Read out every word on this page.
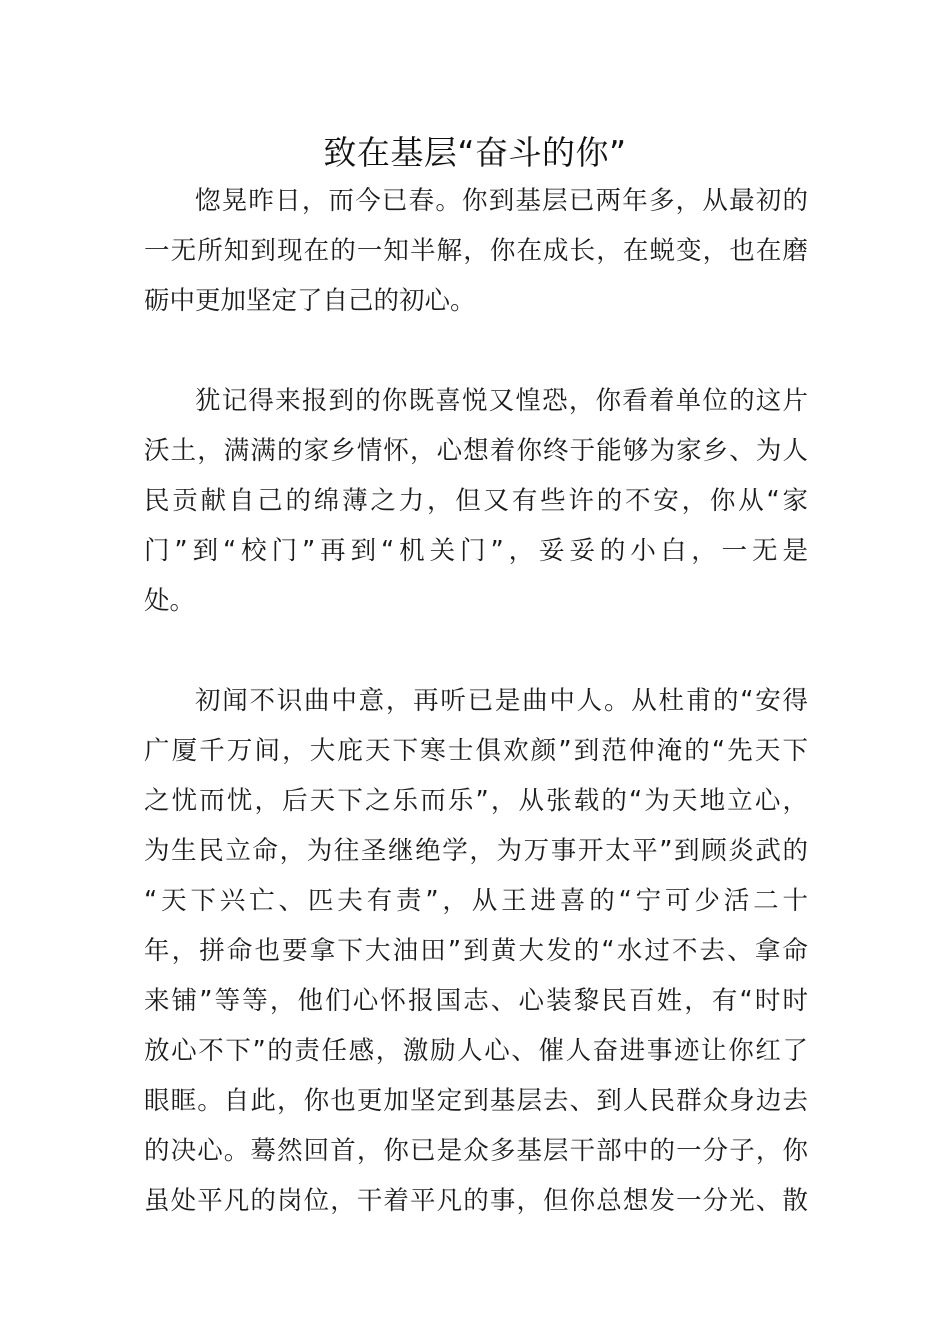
致在基层“奋斗的你”
惚晃昨日，而今已春。你到基层已两年多，从最初的
一无所知到现在的一知半解，你在成长，在蜕变，也在磨
砺中更加坚定了自己的初心。
犹记得来报到的你既喜悦又惶恐，你看着单位的这片
沃土，满满的家乡情怀，心想着你终于能够为家乡、为人
民贡献自己的绵薄之力，但又有些许的不安，你从“家
门”到“校门”再到“机关门”，妥妥的小白，一无是
处。
初闻不识曲中意，再听已是曲中人。从杜甫的“安得
广厦千万间，大庇天下寒士俱欢颜”到范仲淹的“先天下
之忧而忧，后天下之乐而乐”，从张载的“为天地立心，
为生民立命，为往圣继绝学，为万事开太平”到顾炎武的
“天下兴亡、匹夫有责”，从王进喜的“宁可少活二十
年，拼命也要拿下大油田”到黄大发的“水过不去、拿命
来铺”等等，他们心怀报国志、心装黎民百姓，有“时时
放心不下”的责任感，激励人心、催人奋进事迹让你红了
眼眶。自此，你也更加坚定到基层去、到人民群众身边去
的决心。蓦然回首，你已是众多基层干部中的一分子，你
虽处平凡的岗位，干着平凡的事，但你总想发一分光、散
